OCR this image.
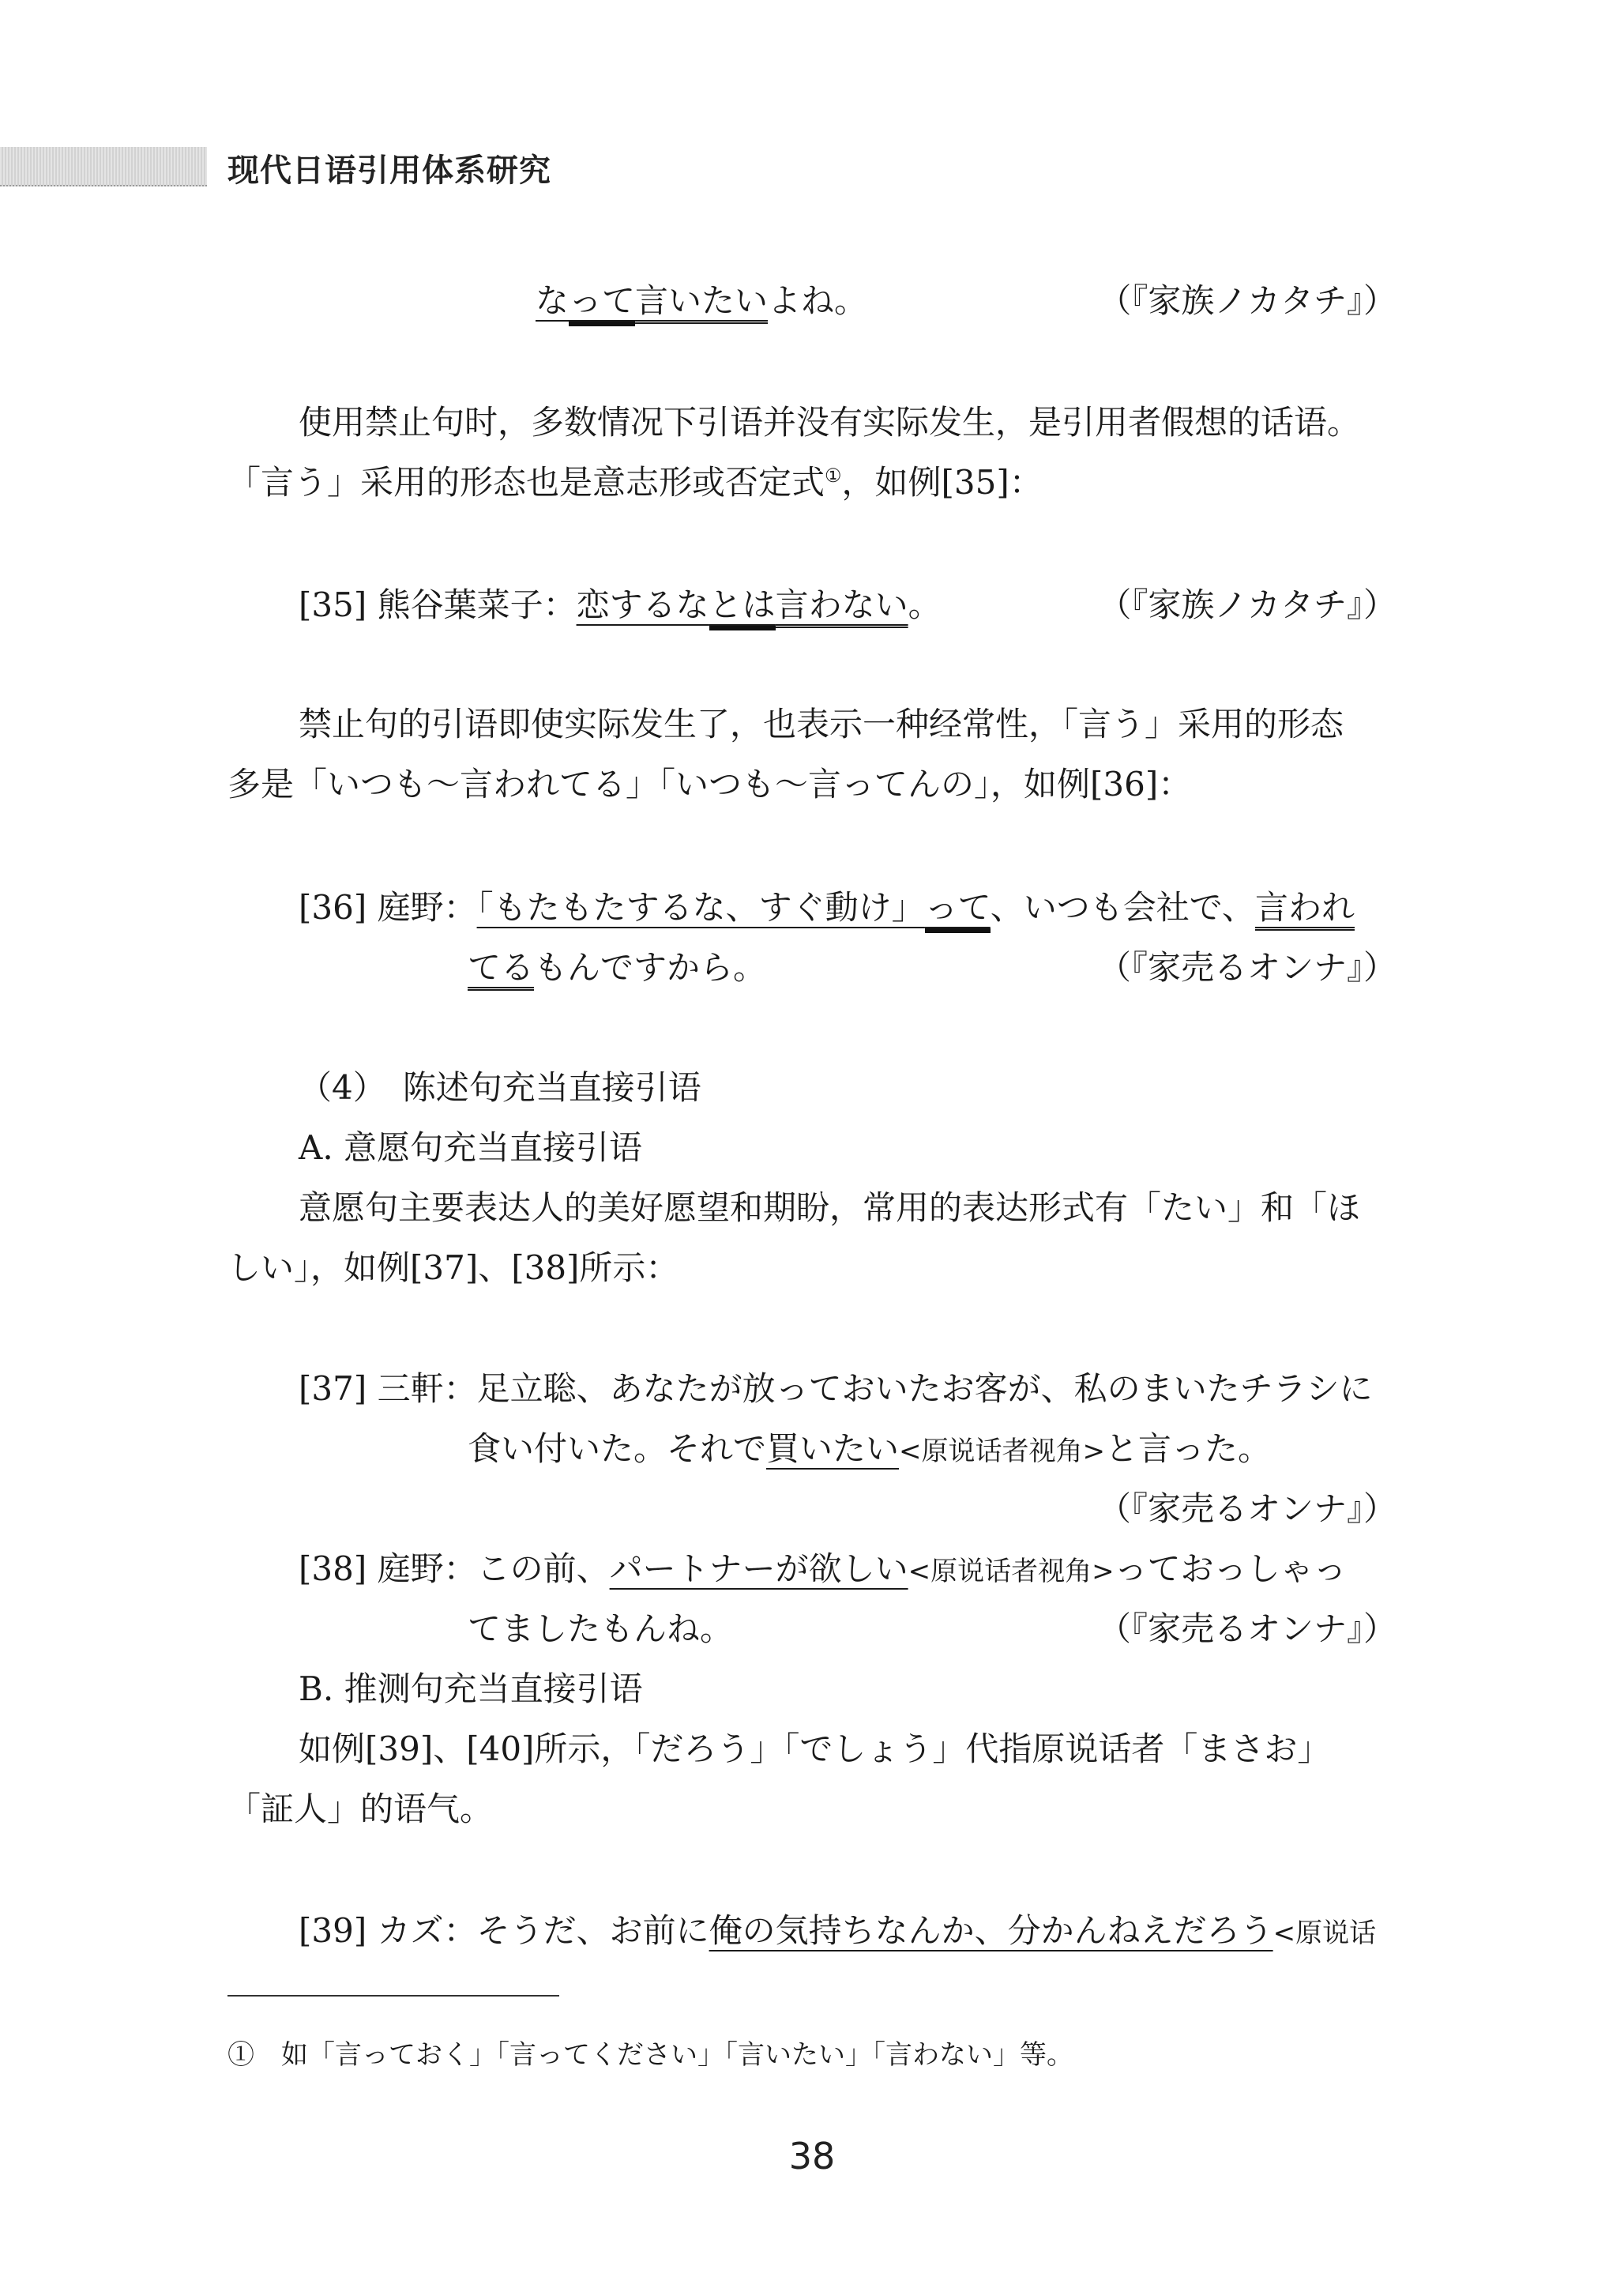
现代日语引用体系研究
なって言いたいよね。	（『家族ノカタチ』）
使用禁止句时，多数情况下引语并没有实际发生，是引用者假想的话语。
「言う」采用的形态也是意志形或否定式①，如例[35]：
[35] 熊谷葉菜子：恋するなとは言わない。	（『家族ノカタチ』）
禁止句的引语即使实际发生了，也表示一种经常性，「言う」采用的形态
多是「いつも～言われてる」「いつも～言ってんの」，如例[36]：
[36] 庭野：「もたもたするな、すぐ動け」って、いつも会社で、言われ
てるもんですから。	（『家売るオンナ』）
（4）　陈述句充当直接引语
A. 意愿句充当直接引语
意愿句主要表达人的美好愿望和期盼，常用的表达形式有「たい」和「ほ
しい」，如例[37]、[38]所示：
[37] 三軒：足立聡、あなたが放っておいたお客が、私のまいたチラシに
食い付いた。それで買いたい<原说话者视角>と言った。
（『家売るオンナ』）
[38] 庭野：この前、パートナーが欲しい<原说话者视角>っておっしゃっ
てましたもんね。	（『家売るオンナ』）
B. 推测句充当直接引语
如例[39]、[40]所示，「だろう」「でしょう」代指原说话者「まさお」
「証人」的语气。
[39] カズ：そうだ、お前に俺の気持ちなんか、分かんねえだろう<原说话
①　如「言っておく」「言ってください」「言いたい」「言わない」等。
38
